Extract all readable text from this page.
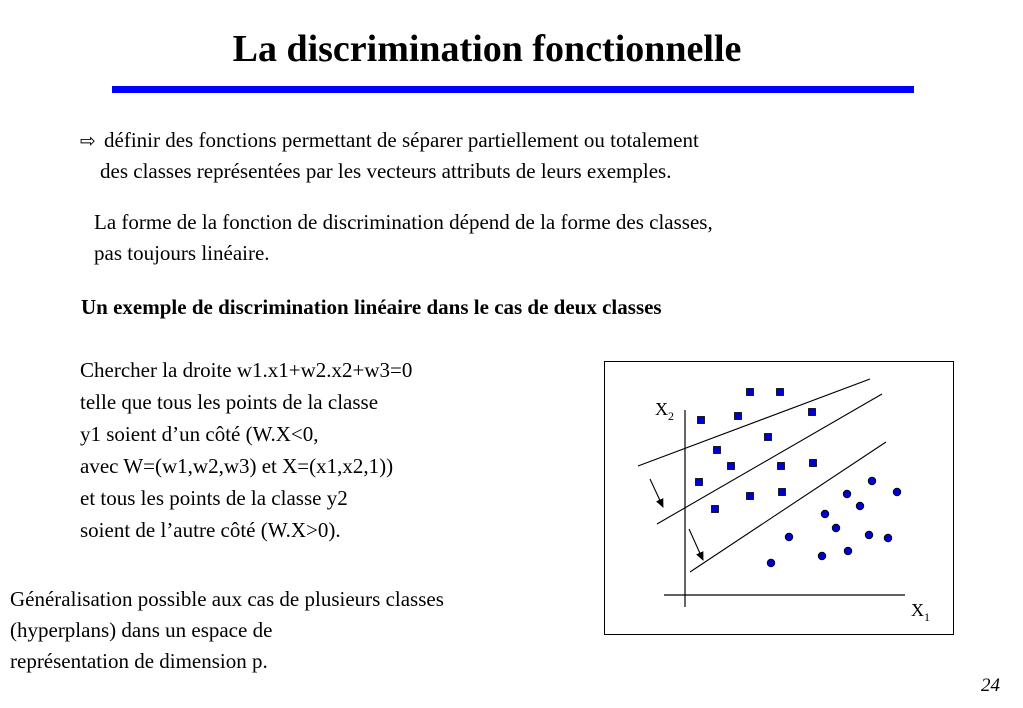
La discrimination fonctionnelle
⇨ définir des fonctions permettant de séparer partiellement ou totalement
des classes représentées par les vecteurs attributs de leurs exemples.
La forme de la fonction de discrimination dépend de la forme des classes,
pas toujours linéaire.
Un exemple de discrimination linéaire dans le cas de deux classes
Chercher la droite w1.x1+w2.x2+w3=0
telle que tous les points de la classe
y1 soient d’un côté (W.X<0,
avec W=(w1,w2,w3) et X=(x1,x2,1))
et tous les points de la classe y2
soient de l’autre côté (W.X>0).
Généralisation possible aux cas de plusieurs classes
(hyperplans) dans un espace de
représentation de dimension p.
$X_2$
$X_1$
24
